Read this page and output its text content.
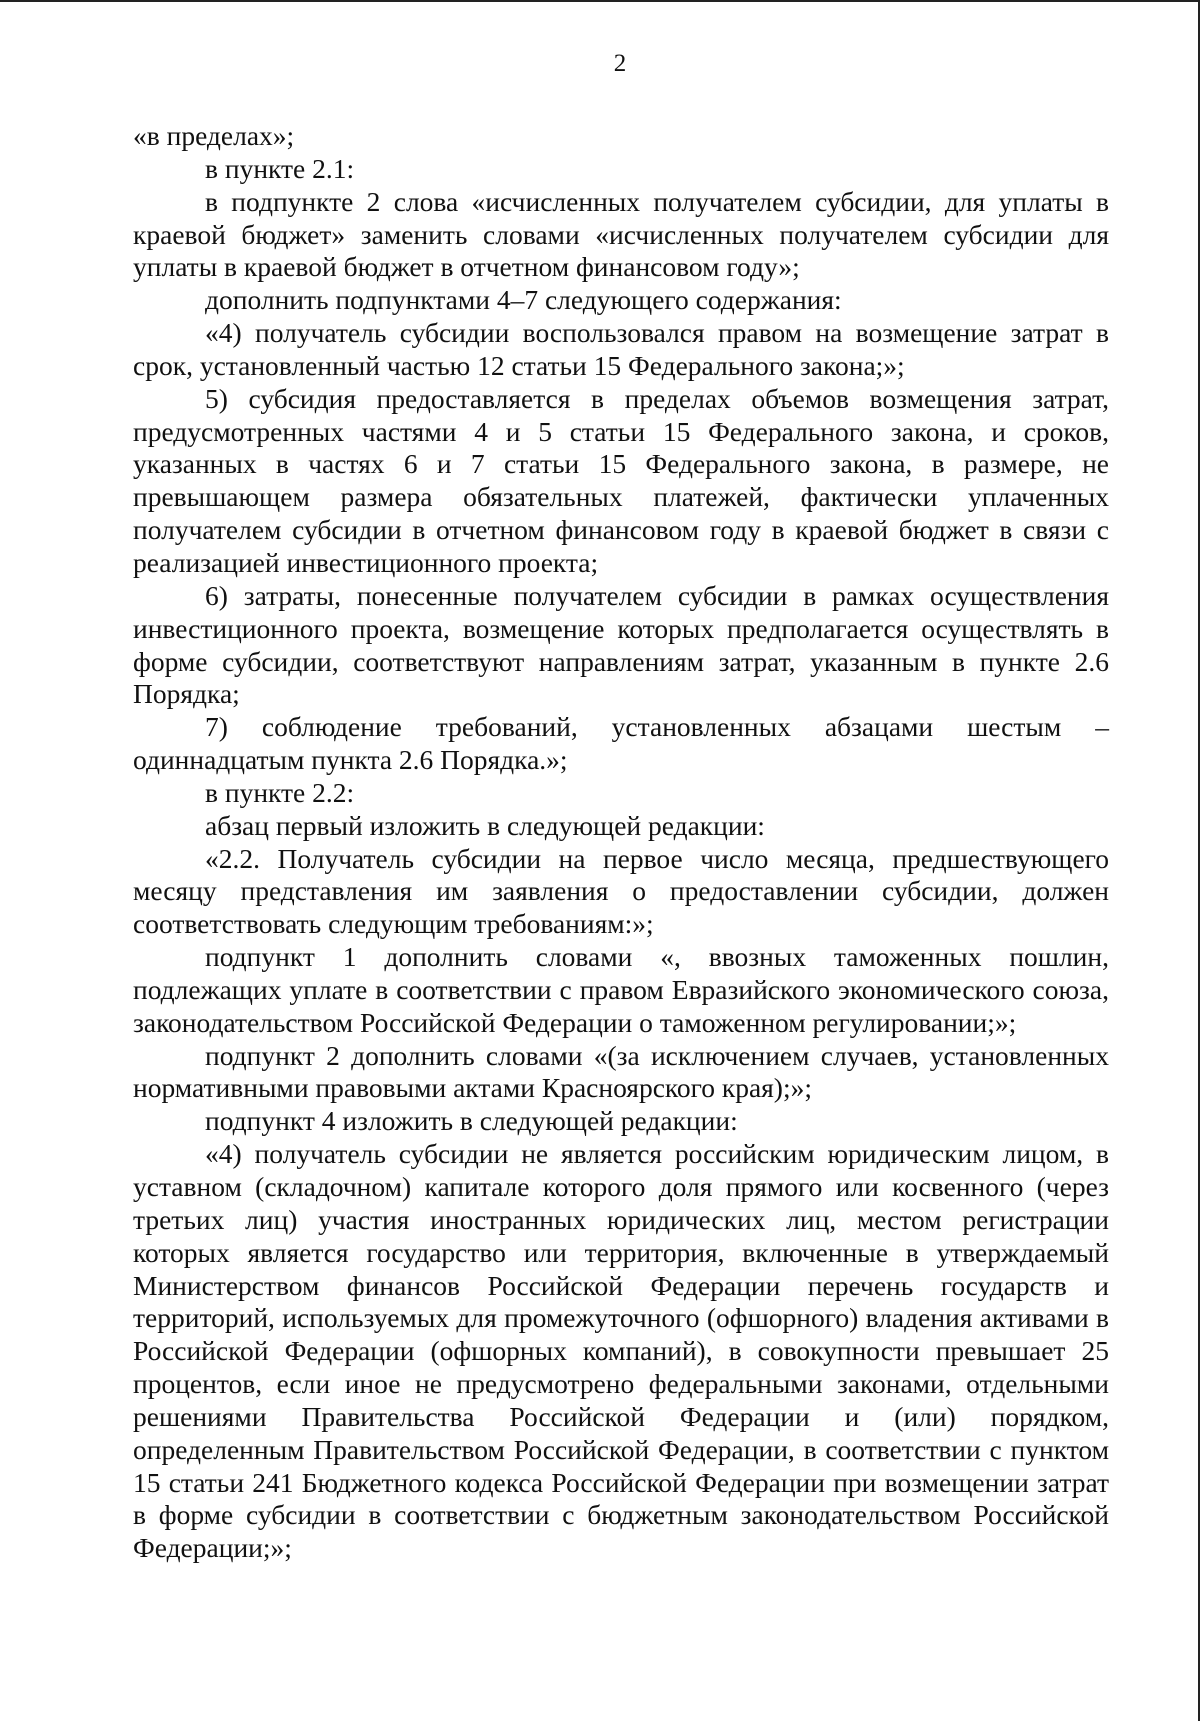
2

«в пределах»;

в пункте 2.1:

в подпункте 2 слова «исчисленных получателем субсидии, для уплаты в краевой бюджет» заменить словами «исчисленных получателем субсидии для уплаты в краевой бюджет в отчетном финансовом году»;

дополнить подпунктами 4–7 следующего содержания:

«4) получатель субсидии воспользовался правом на возмещение затрат в срок, установленный частью 12 статьи 15 Федерального закона;»;

5) субсидия предоставляется в пределах объемов возмещения затрат, предусмотренных частями 4 и 5 статьи 15 Федерального закона, и сроков, указанных в частях 6 и 7 статьи 15 Федерального закона, в размере, не превышающем размера обязательных платежей, фактически уплаченных получателем субсидии в отчетном финансовом году в краевой бюджет в связи с реализацией инвестиционного проекта;

6) затраты, понесенные получателем субсидии в рамках осуществления инвестиционного проекта, возмещение которых предполагается осуществлять в форме субсидии, соответствуют направлениям затрат, указанным в пункте 2.6 Порядка;

7) соблюдение требований, установленных абзацами шестым – одиннадцатым пункта 2.6 Порядка.»;

в пункте 2.2:

абзац первый изложить в следующей редакции:

«2.2. Получатель субсидии на первое число месяца, предшествующего месяцу представления им заявления о предоставлении субсидии, должен соответствовать следующим требованиям:»;

подпункт 1 дополнить словами «, ввозных таможенных пошлин, подлежащих уплате в соответствии с правом Евразийского экономического союза, законодательством Российской Федерации о таможенном регулировании;»;

подпункт 2 дополнить словами «(за исключением случаев, установленных нормативными правовыми актами Красноярского края);»;

подпункт 4 изложить в следующей редакции:

«4) получатель субсидии не является российским юридическим лицом, в уставном (складочном) капитале которого доля прямого или косвенного (через третьих лиц) участия иностранных юридических лиц, местом регистрации которых является государство или территория, включенные в утверждаемый Министерством финансов Российской Федерации перечень государств и территорий, используемых для промежуточного (офшорного) владения активами в Российской Федерации (офшорных компаний), в совокупности превышает 25 процентов, если иное не предусмотрено федеральными законами, отдельными решениями Правительства Российской Федерации и (или) порядком, определенным Правительством Российской Федерации, в соответствии с пунктом 15 статьи 241 Бюджетного кодекса Российской Федерации при возмещении затрат в форме субсидии в соответствии с бюджетным законодательством Российской Федерации;»;
